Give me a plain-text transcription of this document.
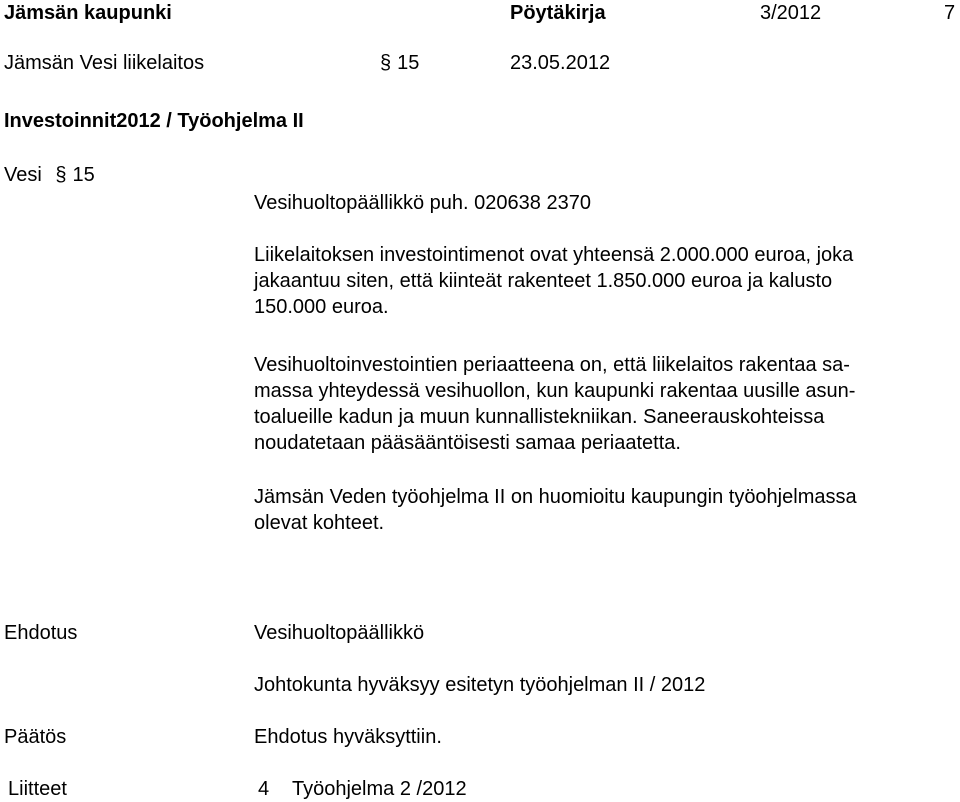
Jämsän kaupunki	Pöytäkirja	3/2012	7
Jämsän Vesi liikelaitos	§ 15	23.05.2012
Investoinnit2012 / Työohjelma II
Vesi § 15
Vesihuoltopäällikkö puh. 020638 2370
Liikelaitoksen investointimenot ovat yhteensä 2.000.000 euroa, joka
jakaantuu siten, että kiinteät rakenteet 1.850.000 euroa ja kalusto
150.000 euroa.
Vesihuoltoinvestointien periaatteena on, että liikelaitos rakentaa sa-
massa yhteydessä vesihuollon, kun kaupunki rakentaa uusille asun-
toalueille kadun ja muun kunnallistekniikan. Saneerauskohteissa
noudatetaan pääsääntöisesti samaa periaatetta.
Jämsän Veden työohjelma II on huomioitu kaupungin työohjelmassa
olevat kohteet.
Ehdotus	Vesihuoltopäällikkö
Johtokunta hyväksyy esitetyn työohjelman II / 2012
Päätös	Ehdotus hyväksyttiin.
Liitteet	4 Työohjelma 2 /2012
